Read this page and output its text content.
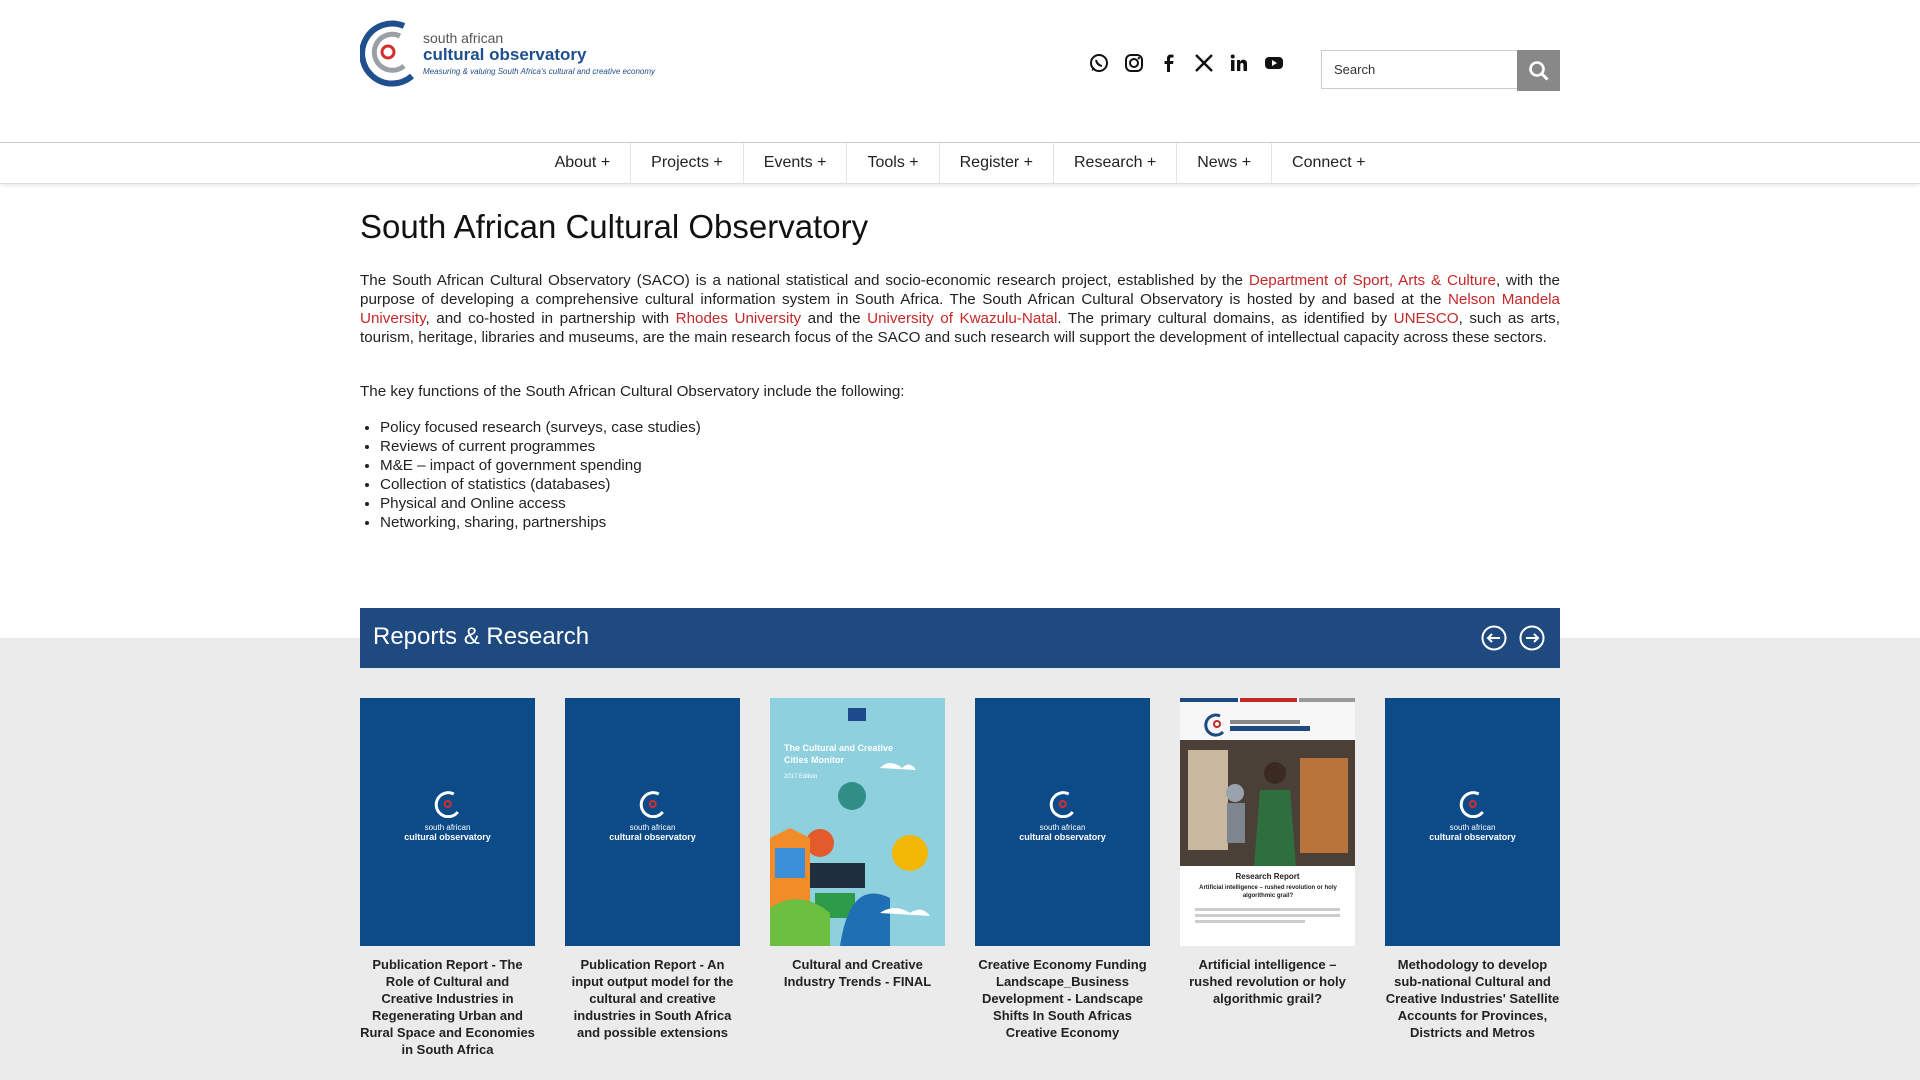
south african
cultural observatory
Measuring & valuing South Africa's cultural and creative economy
Search
About +	Projects +	Events +	Tools +	Register +	Research +	News +	Connect +
South African Cultural Observatory

The South African Cultural Observatory (SACO) is a national statistical and socio-economic research project, established by the Department of Sport, Arts & Culture, with the purpose of developing a comprehensive cultural information system in South Africa. The South African Cultural Observatory is hosted by and based at the Nelson Mandela University, and co-hosted in partnership with Rhodes University and the University of Kwazulu-Natal. The primary cultural domains, as identified by UNESCO, such as arts, tourism, heritage, libraries and museums, are the main research focus of the SACO and such research will support the development of intellectual capacity across these sectors.

The key functions of the South African Cultural Observatory include the following:

• Policy focused research (surveys, case studies)
• Reviews of current programmes
• M&E – impact of government spending
• Collection of statistics (databases)
• Physical and Online access
• Networking, sharing, partnerships
Reports & Research
south african
cultural observatory
Publication Report - The Role of Cultural and Creative Industries in Regenerating Urban and Rural Space and Economies in South Africa
south african
cultural observatory
Publication Report - An input output model for the cultural and creative industries in South Africa and possible extensions
The Cultural and Creative Cities Monitor
2017 Edition
Cultural and Creative Industry Trends - FINAL
south african
cultural observatory
Creative Economy Funding Landscape_Business Development - Landscape Shifts In South Africas Creative Economy
Research Report
Artificial intelligence – rushed revolution or holy algorithmic grail?
Artificial intelligence – rushed revolution or holy algorithmic grail?
south african
cultural observatory
Methodology to develop sub-national Cultural and Creative Industries' Satellite Accounts for Provinces, Districts and Metros
